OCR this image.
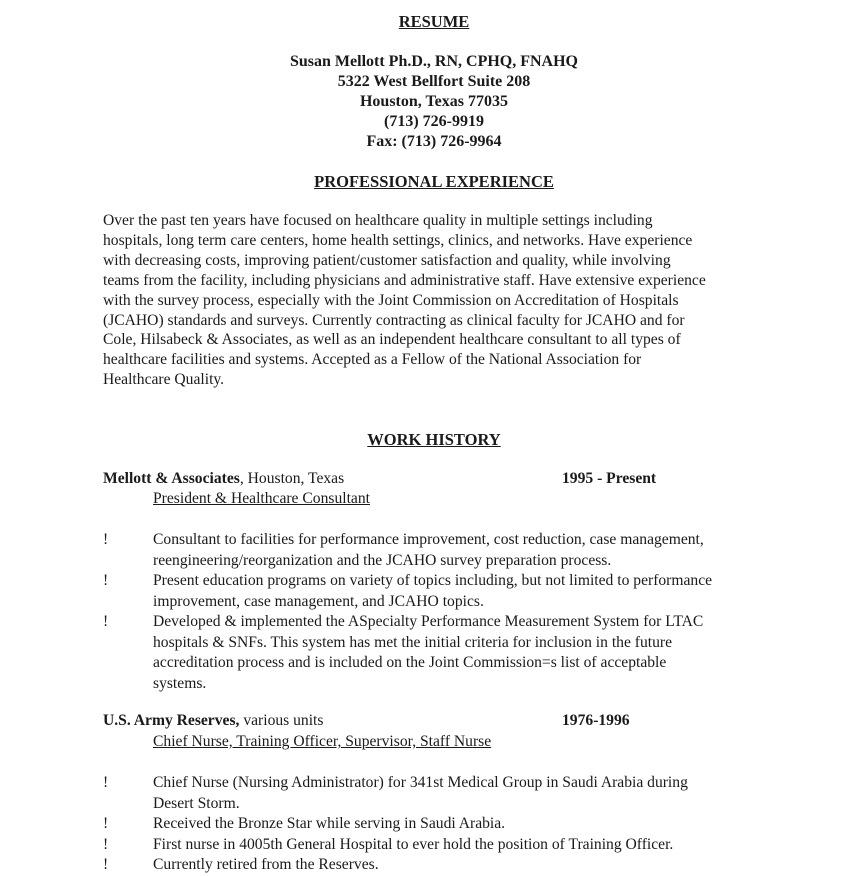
RESUME
Susan Mellott Ph.D., RN, CPHQ, FNAHQ
5322 West Bellfort Suite 208
Houston, Texas 77035
(713) 726-9919
Fax: (713) 726-9964
PROFESSIONAL EXPERIENCE
Over the past ten years have focused on healthcare quality in multiple settings including
hospitals, long term care centers, home health settings, clinics, and networks. Have experience
with decreasing costs, improving patient/customer satisfaction and quality, while involving
teams from the facility, including physicians and administrative staff. Have extensive experience
with the survey process, especially with the Joint Commission on Accreditation of Hospitals
(JCAHO) standards and surveys. Currently contracting as clinical faculty for JCAHO and for
Cole, Hilsabeck & Associates, as well as an independent healthcare consultant to all types of
healthcare facilities and systems. Accepted as a Fellow of the National Association for
Healthcare Quality.
WORK HISTORY
Mellott & Associates, Houston, Texas	1995 - Present
President & Healthcare Consultant
!	Consultant to facilities for performance improvement, cost reduction, case management,
reengineering/reorganization and the JCAHO survey preparation process.
!	Present education programs on variety of topics including, but not limited to performance
improvement, case management, and JCAHO topics.
!	Developed & implemented the ASpecialty Performance Measurement System for LTAC
hospitals & SNFs. This system has met the initial criteria for inclusion in the future
accreditation process and is included on the Joint Commission=s list of acceptable
systems.
U.S. Army Reserves, various units	1976-1996
Chief Nurse, Training Officer, Supervisor, Staff Nurse
!	Chief Nurse (Nursing Administrator) for 341st Medical Group in Saudi Arabia during
Desert Storm.
!	Received the Bronze Star while serving in Saudi Arabia.
!	First nurse in 4005th General Hospital to ever hold the position of Training Officer.
!	Currently retired from the Reserves.
